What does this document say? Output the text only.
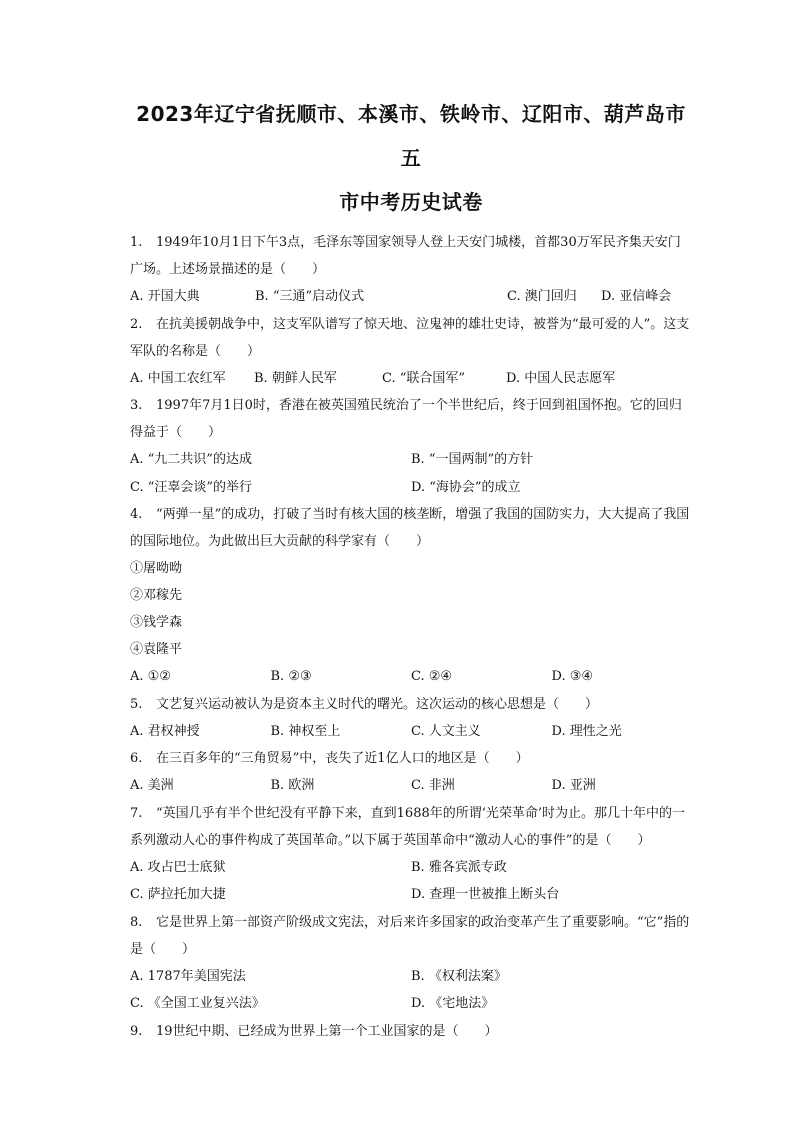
2023年辽宁省抚顺市、本溪市、铁岭市、辽阳市、葫芦岛市五
市中考历史试卷
1. 1949年10月1日下午3点，毛泽东等国家领导人登上天安门城楼，首都30万军民齐集天安门广场。上述场景描述的是（　　）
A. 开国大典	B. “三通”启动仪式	C. 澳门回归	D. 亚信峰会
2. 在抗美援朝战争中，这支军队谱写了惊天地、泣鬼神的雄壮史诗，被誉为“最可爱的人”。这支军队的名称是（　　）
A. 中国工农红军	B. 朝鲜人民军	C. “联合国军”	D. 中国人民志愿军
3. 1997年7月1日0时，香港在被英国殖民统治了一个半世纪后，终于回到祖国怀抱。它的回归得益于（　　）
A. “九二共识”的达成	B. “一国两制”的方针
C. “汪辜会谈”的举行	D. “海协会”的成立
4. “两弹一星”的成功，打破了当时有核大国的核垄断，增强了我国的国防实力，大大提高了我国的国际地位。为此做出巨大贡献的科学家有（　　）
①屠呦呦
②邓稼先
③钱学森
④袁隆平
A. ①②	B. ②③	C. ②④	D. ③④
5. 文艺复兴运动被认为是资本主义时代的曙光。这次运动的核心思想是（　　）
A. 君权神授	B. 神权至上	C. 人文主义	D. 理性之光
6. 在三百多年的“三角贸易”中，丧失了近1亿人口的地区是（　　）
A. 美洲	B. 欧洲	C. 非洲	D. 亚洲
7. “英国几乎有半个世纪没有平静下来，直到1688年的所谓‘光荣革命’时为止。那几十年中的一系列激动人心的事件构成了英国革命。”以下属于英国革命中“激动人心的事件”的是（　　）
A. 攻占巴士底狱	B. 雅各宾派专政
C. 萨拉托加大捷	D. 查理一世被推上断头台
8. 它是世界上第一部资产阶级成文宪法，对后来许多国家的政治变革产生了重要影响。“它”指的是（　　）
A. 1787年美国宪法	B. 《权利法案》
C. 《全国工业复兴法》	D. 《宅地法》
9. 19世纪中期、已经成为世界上第一个工业国家的是（　　）
